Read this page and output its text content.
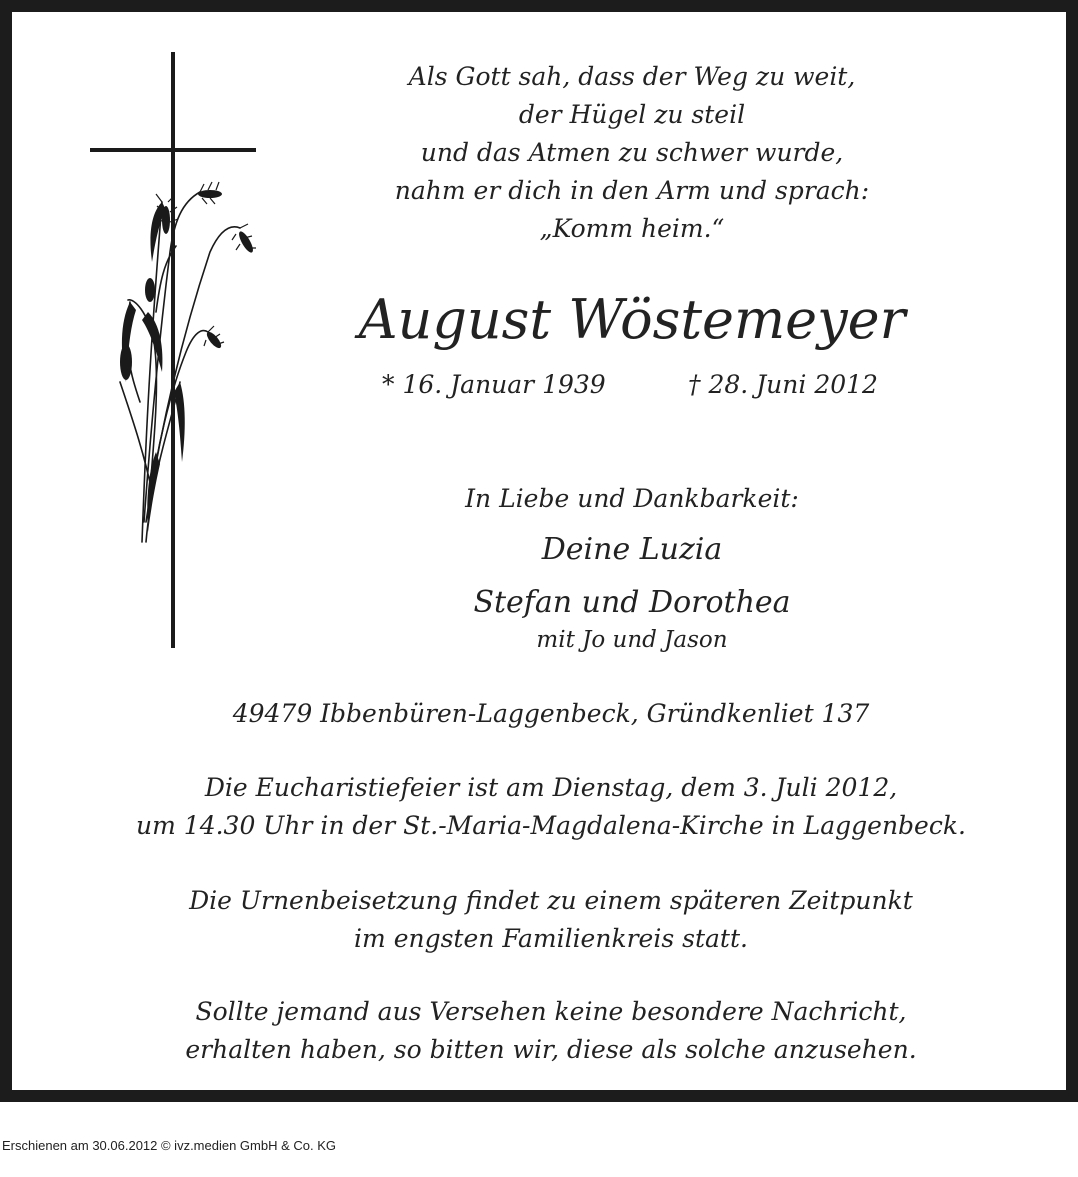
Als Gott sah, dass der Weg zu weit,
der Hügel zu steil
und das Atmen zu schwer wurde,
nahm er dich in den Arm und sprach:
„Komm heim.“
August Wöstemeyer
* 16. Januar 1939	† 28. Juni 2012
In Liebe und Dankbarkeit:
Deine Luzia
Stefan und Dorothea
mit Jo und Jason
49479 Ibbenbüren-Laggenbeck, Gründkenliet 137
Die Eucharistiefeier ist am Dienstag, dem 3. Juli 2012,
um 14.30 Uhr in der St.-Maria-Magdalena-Kirche in Laggenbeck.
Die Urnenbeisetzung findet zu einem späteren Zeitpunkt
im engsten Familienkreis statt.
Sollte jemand aus Versehen keine besondere Nachricht,
erhalten haben, so bitten wir, diese als solche anzusehen.
Erschienen am 30.06.2012 © ivz.medien GmbH & Co. KG
